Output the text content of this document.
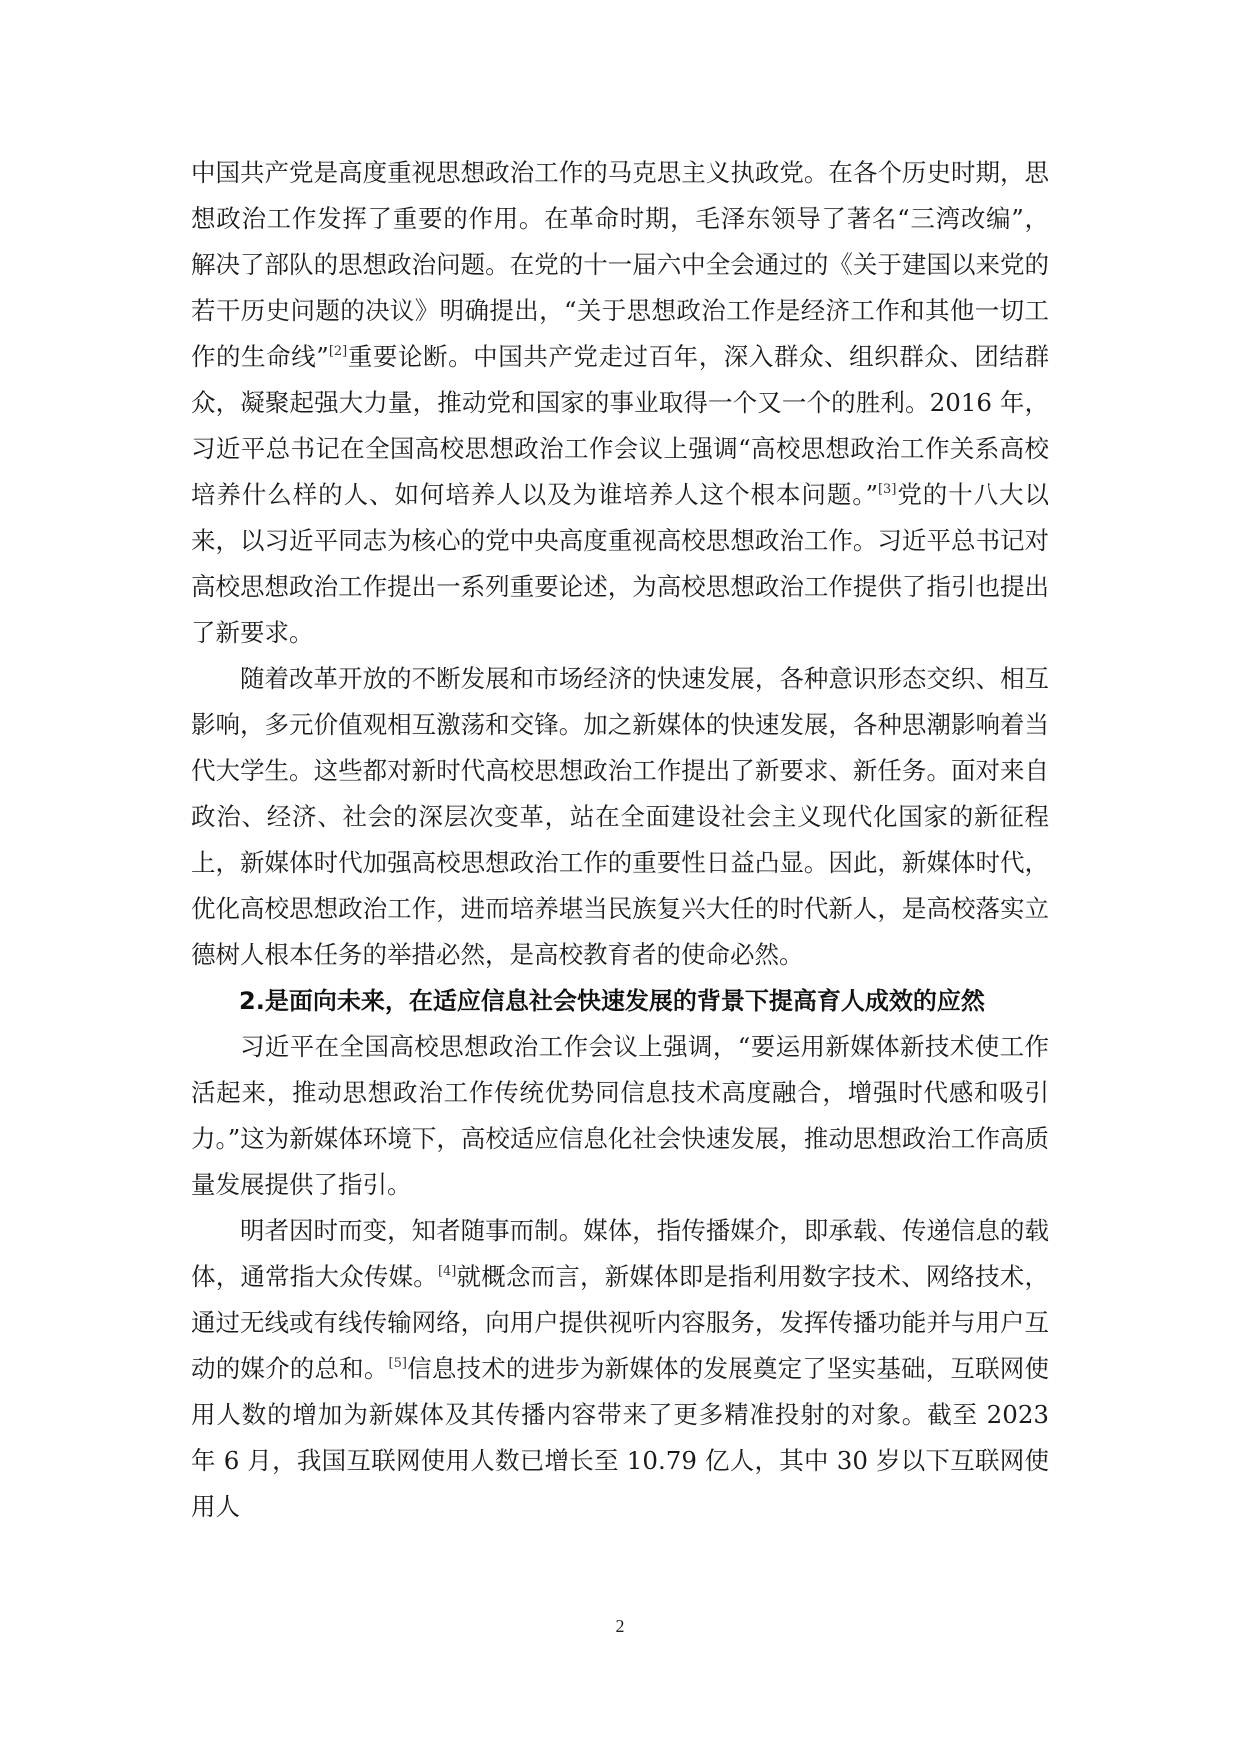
中国共产党是高度重视思想政治工作的马克思主义执政党。在各个历史时期，思想政治工作发挥了重要的作用。在革命时期，毛泽东领导了著名“三湾改编”，解决了部队的思想政治问题。在党的十一届六中全会通过的《关于建国以来党的若干历史问题的决议》明确提出，“关于思想政治工作是经济工作和其他一切工作的生命线”[2]重要论断。中国共产党走过百年，深入群众、组织群众、团结群众，凝聚起强大力量，推动党和国家的事业取得一个又一个的胜利。2016 年，习近平总书记在全国高校思想政治工作会议上强调“高校思想政治工作关系高校培养什么样的人、如何培养人以及为谁培养人这个根本问题。”[3]党的十八大以来，以习近平同志为核心的党中央高度重视高校思想政治工作。习近平总书记对高校思想政治工作提出一系列重要论述，为高校思想政治工作提供了指引也提出了新要求。

随着改革开放的不断发展和市场经济的快速发展，各种意识形态交织、相互影响，多元价值观相互激荡和交锋。加之新媒体的快速发展，各种思潮影响着当代大学生。这些都对新时代高校思想政治工作提出了新要求、新任务。面对来自政治、经济、社会的深层次变革，站在全面建设社会主义现代化国家的新征程上，新媒体时代加强高校思想政治工作的重要性日益凸显。因此，新媒体时代，优化高校思想政治工作，进而培养堪当民族复兴大任的时代新人，是高校落实立德树人根本任务的举措必然，是高校教育者的使命必然。

2.是面向未来，在适应信息社会快速发展的背景下提高育人成效的应然

习近平在全国高校思想政治工作会议上强调，“要运用新媒体新技术使工作活起来，推动思想政治工作传统优势同信息技术高度融合，增强时代感和吸引力。”这为新媒体环境下，高校适应信息化社会快速发展，推动思想政治工作高质量发展提供了指引。

明者因时而变，知者随事而制。媒体，指传播媒介，即承载、传递信息的载体，通常指大众传媒。[4]就概念而言，新媒体即是指利用数字技术、网络技术，通过无线或有线传输网络，向用户提供视听内容服务，发挥传播功能并与用户互动的媒介的总和。[5]信息技术的进步为新媒体的发展奠定了坚实基础，互联网使用人数的增加为新媒体及其传播内容带来了更多精准投射的对象。截至 2023 年 6 月，我国互联网使用人数已增长至 10.79 亿人，其中 30 岁以下互联网使用人

2
